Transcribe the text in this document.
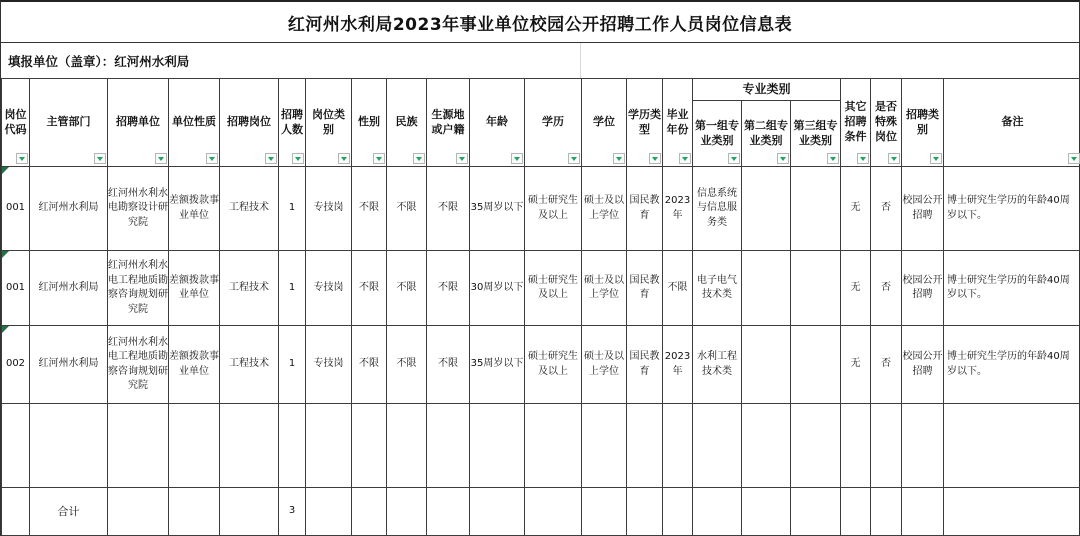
红河州水利局2023年事业单位校园公开招聘工作人员岗位信息表
填报单位（盖章）：红河州水利局
岗位代码	主管部门	招聘单位	单位性质	招聘岗位	招聘人数	岗位类别	性别	民族	生源地或户籍	年龄	学历	学位	学历类型	毕业年份	专业类别			其它招聘条件	是否特殊岗位	招聘类别	备注

															第一组专业类别	第二组专业类别	第三组专业类别				

001	红河州水利局	红河州水利水电勘察设计研究院	差额拨款事业单位	工程技术	1	专技岗	不限	不限	不限	35周岁以下	硕士研究生及以上	硕士及以上学位	国民教育	2023年	信息系统与信息服务类			无	否	校园公开招聘	博士研究生学历的年龄40周岁以下。

001	红河州水利局	红河州水利水电工程地质勘察咨询规划研究院	差额拨款事业单位	工程技术	1	专技岗	不限	不限	不限	30周岁以下	硕士研究生及以上	硕士及以上学位	国民教育	不限	电子电气技术类			无	否	校园公开招聘	博士研究生学历的年龄40周岁以下。

002	红河州水利局	红河州水利水电工程地质勘察咨询规划研究院	差额拨款事业单位	工程技术	1	专技岗	不限	不限	不限	35周岁以下	硕士研究生及以上	硕士及以上学位	国民教育	2023年	水利工程技术类			无	否	校园公开招聘	博士研究生学历的年龄40周岁以下。

	合计				3																
